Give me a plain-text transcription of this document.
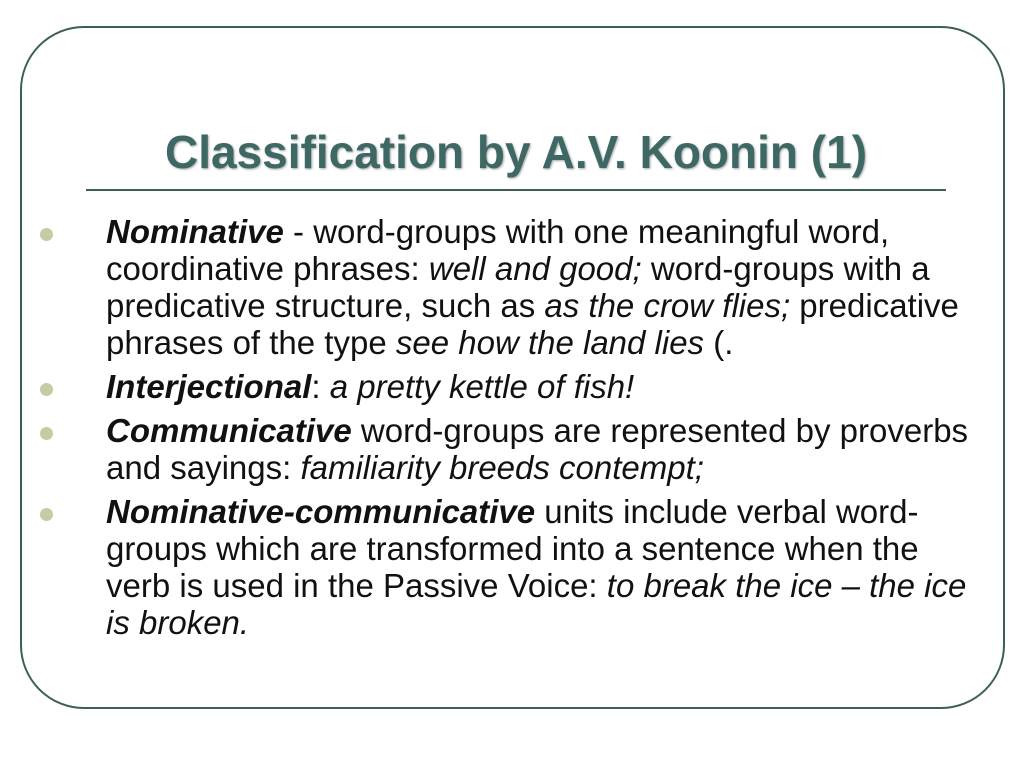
Classification by A.V. Koonin (1)
Nominative - word-groups with one meaningful word, coordinative phrases: well and good; word-groups with a predicative structure, such as as the crow flies; predicative phrases of the type see how the land lies (.
Interjectional: a pretty kettle of fish!
Communicative word-groups are represented by proverbs and sayings: familiarity breeds contempt;
Nominative-communicative units include verbal word-groups which are transformed into a sentence when the verb is used in the Passive Voice: to break the ice – the ice is broken.
